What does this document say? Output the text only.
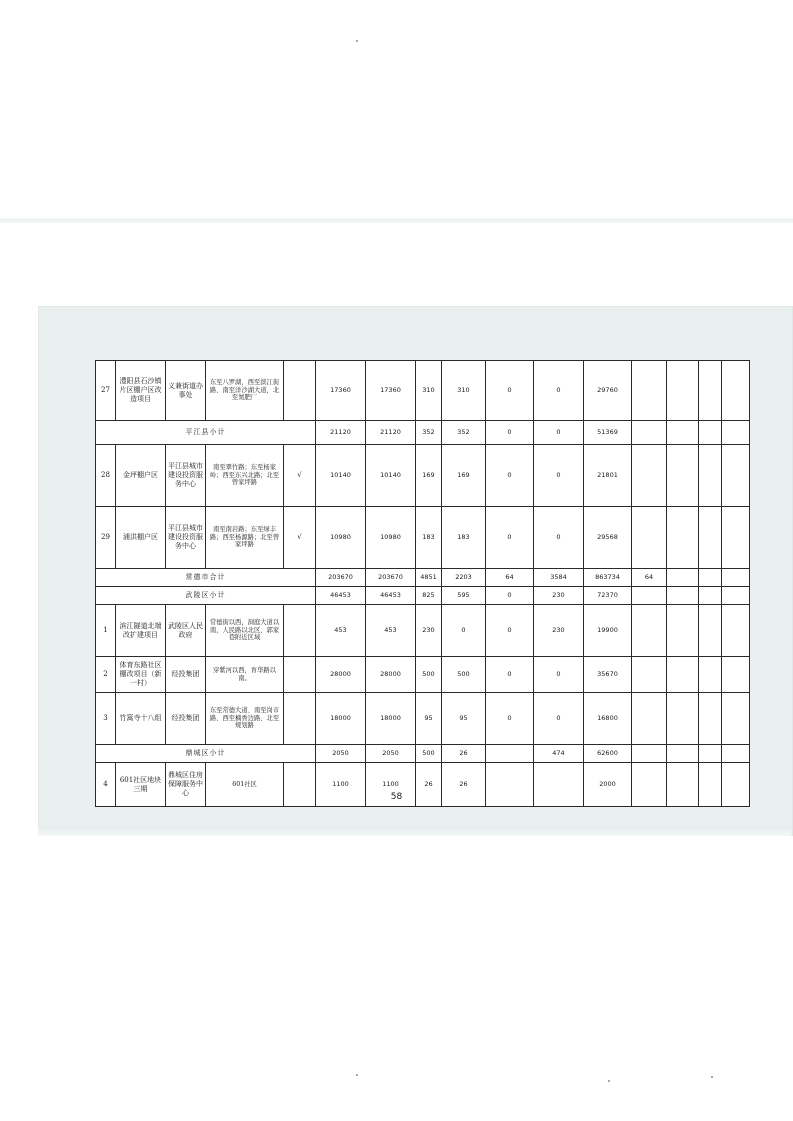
27	澧阳县石沙镇片区棚户区改造项目	义兼街道办事处	东至八罗湖，西至滨江街路、南至洋沙湖大道，北至氮肥厂		17360	17360	310	310	0	0	29760				
平江县小计					21120	21120	352	352	0	0	51369				
28	金坪棚户区	平江县城市建设投资服务中心	南至翠竹路；东至杨家岭；西至东兴北路；北至曾家坪路	√	10140	10140	169	169	0	0	21801				
29	浦洪棚户区	平江县城市建设投资服务中心	南至南岩路；东至绿丰路；西至杨源路；北至曾家坪路	√	10980	10980	183	183	0	0	29568				
常德市合计					203670	203670	4851	2203	64	3584	863734	64			
武陵区小计					46453	46453	825	595	0	230	72370				
1	滨江隧道北端改扩建项目	武陵区人民政府	常德街以西，洞庭大道以南，人民路以北区，郭家巷附近区域		453	453	230	0	0	230	19900				
2	体育东路社区棚改项目（新一村）	经投集团	穿紫河以西，育华路以南。		28000	28000	500	500	0	0	35670				
3	竹篙寺十八组	经投集团	东至常德大道、南至岗市路、西至楠香边路、北至规划路		18000	18000	95	95	0	0	16800				
鼎城区小计					2050	2050	500	26		474	62600				
4	601社区地块三期	鼎城区住房保障服务中心	601社区		1100	1100	26	26			2000				
58
